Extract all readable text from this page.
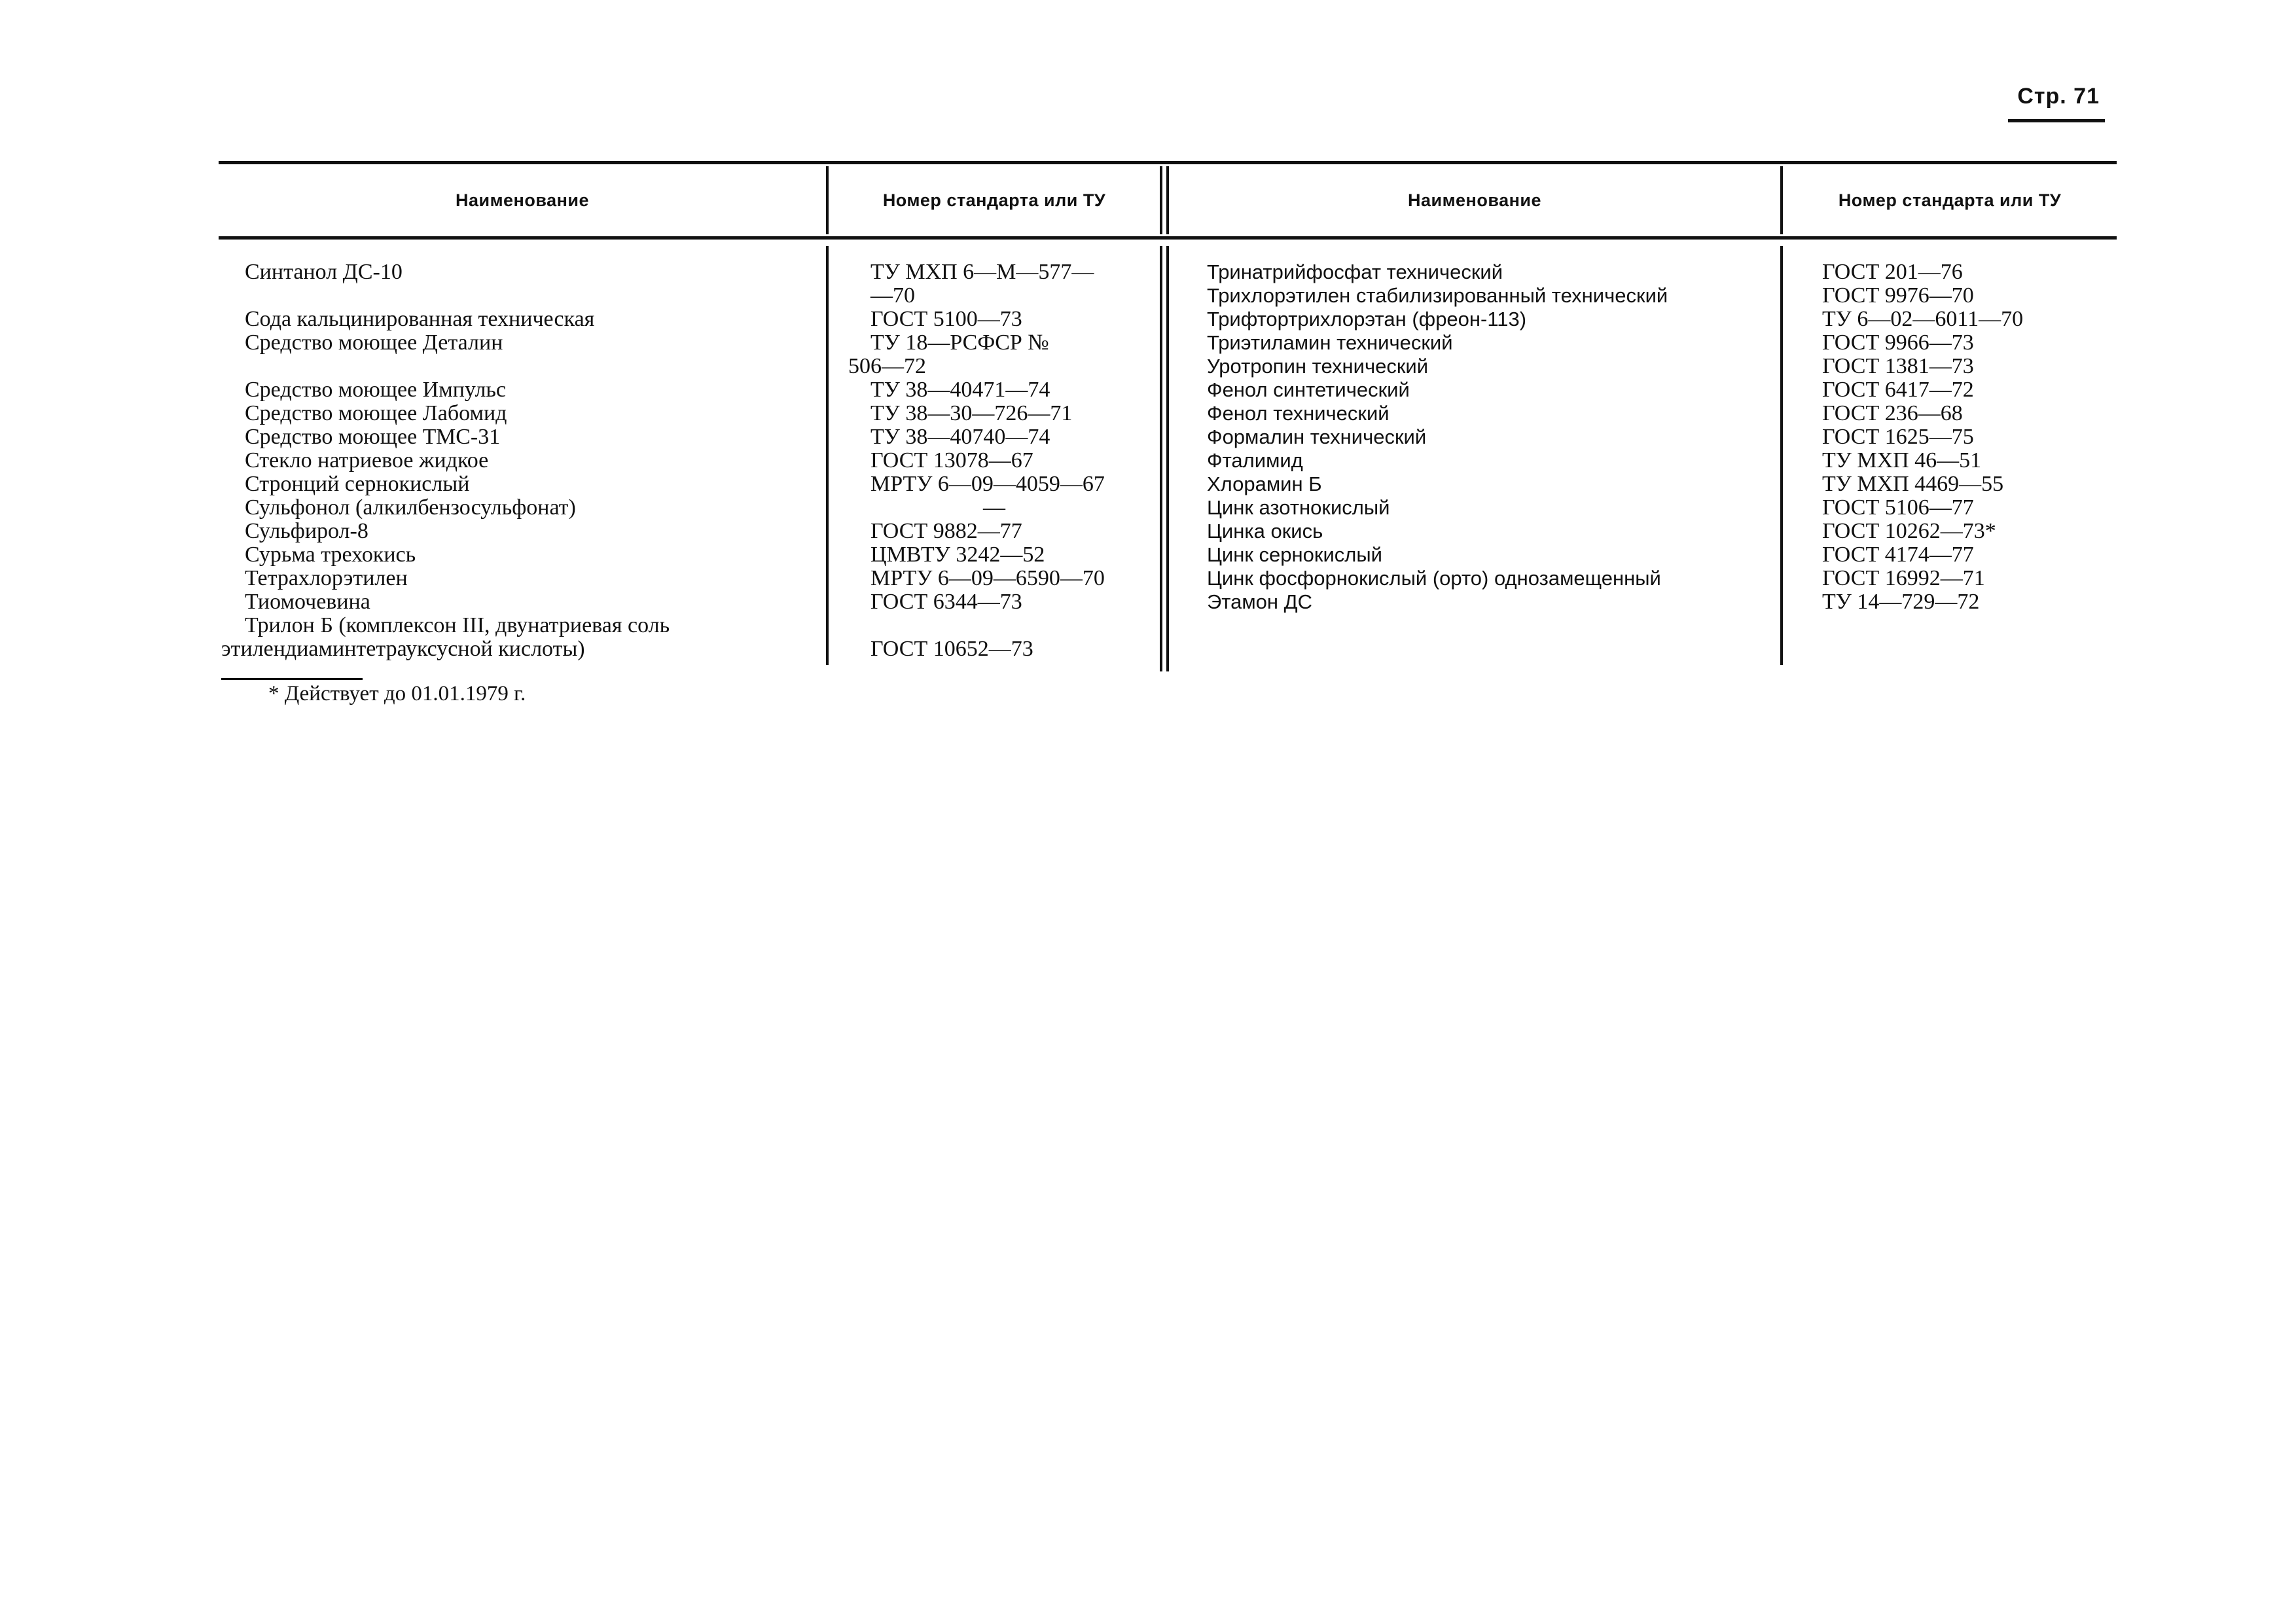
Стр. 71
Наименование	Номер стандарта или ТУ	Наименование	Номер стандарта или ТУ
Синтанол ДС-10	ТУ МХП 6—М—577—
—70
Сода кальцинированная техническая	ГОСТ 5100—73
Средство моющее Деталин	ТУ 18—РСФСР №
506—72
Средство моющее Импульс	ТУ 38—40471—74
Средство моющее Лабомид	ТУ 38—30—726—71
Средство моющее ТМС-31	ТУ 38—40740—74
Стекло натриевое жидкое	ГОСТ 13078—67
Стронций сернокислый	МРТУ 6—09—4059—67
Сульфонол (алкилбензосульфонат)	—
Сульфирол-8	ГОСТ 9882—77
Сурьма трехокись	ЦМВТУ 3242—52
Тетрахлорэтилен	МРТУ 6—09—6590—70
Тиомочевина	ГОСТ 6344—73
Трилон Б (комплексон III, двунатриевая соль
этилендиаминтетрауксусной кислоты)	ГОСТ 10652—73
Тринатрийфосфат технический	ГОСТ 201—76
Трихлорэтилен стабилизированный технический	ГОСТ 9976—70
Трифтортрихлорэтан (фреон-113)	ТУ 6—02—6011—70
Триэтиламин технический	ГОСТ 9966—73
Уротропин технический	ГОСТ 1381—73
Фенол синтетический	ГОСТ 6417—72
Фенол технический	ГОСТ 236—68
Формалин технический	ГОСТ 1625—75
Фталимид	ТУ МХП 46—51
Хлорамин Б	ТУ МХП 4469—55
Цинк азотнокислый	ГОСТ 5106—77
Цинка окись	ГОСТ 10262—73*
Цинк сернокислый	ГОСТ 4174—77
Цинк фосфорнокислый (орто) однозамещенный	ГОСТ 16992—71
Этамон ДС	ТУ 14—729—72
* Действует до 01.01.1979 г.
